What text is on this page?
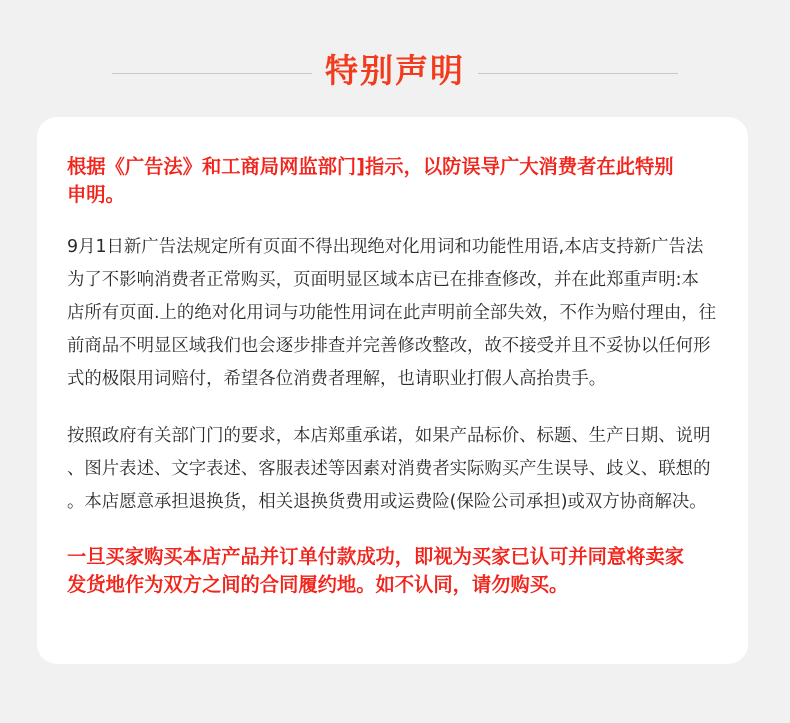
特别声明
根据《广告法》和工商局网监部门]指示，以防误导广大消费者在此特别
申明。
9月1日新广告法规定所有页面不得出现绝对化用词和功能性用语,本店支持新广告法
为了不影响消费者正常购买，页面明显区域本店已在排查修改，并在此郑重声明:本
店所有页面.上的绝对化用词与功能性用词在此声明前全部失效，不作为赔付理由，往
前商品不明显区域我们也会逐步排查并完善修改整改，故不接受并且不妥协以任何形
式的极限用词赔付，希望各位消费者理解，也请职业打假人高抬贵手。
按照政府有关部门门的要求，本店郑重承诺，如果产品标价、标题、生产日期、说明
、图片表述、文字表述、客服表述等因素对消费者实际购买产生误导、歧义、联想的
。本店愿意承担退换货，相关退换货费用或运费险(保险公司承担)或双方协商解决。
一旦买家购买本店产品并订单付款成功，即视为买家已认可并同意将卖家
发货地作为双方之间的合同履约地。如不认同，请勿购买。
